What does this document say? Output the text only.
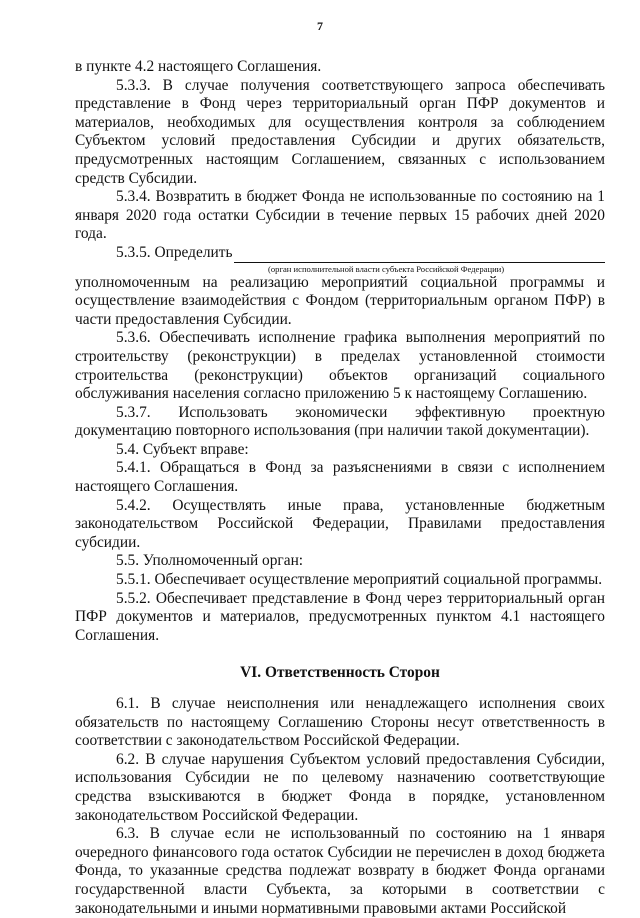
7

в пункте 4.2 настоящего Соглашения.

5.3.3. В случае получения соответствующего запроса обеспечивать представление в Фонд через территориальный орган ПФР документов и материалов, необходимых для осуществления контроля за соблюдением Субъектом условий предоставления Субсидии и других обязательств, предусмотренных настоящим Соглашением, связанных с использованием средств Субсидии.

5.3.4. Возвратить в бюджет Фонда не использованные по состоянию на 1 января 2020 года остатки Субсидии в течение первых 15 рабочих дней 2020 года.

5.3.5. Определить
(орган исполнительной власти субъекта Российской Федерации)

уполномоченным на реализацию мероприятий социальной программы и осуществление взаимодействия с Фондом (территориальным органом ПФР) в части предоставления Субсидии.

5.3.6. Обеспечивать исполнение графика выполнения мероприятий по строительству (реконструкции) в пределах установленной стоимости строительства (реконструкции) объектов организаций социального обслуживания населения согласно приложению 5 к настоящему Соглашению.

5.3.7. Использовать экономически эффективную проектную документацию повторного использования (при наличии такой документации).

5.4. Субъект вправе:

5.4.1. Обращаться в Фонд за разъяснениями в связи с исполнением настоящего Соглашения.

5.4.2. Осуществлять иные права, установленные бюджетным законодательством Российской Федерации, Правилами предоставления субсидии.

5.5. Уполномоченный орган:

5.5.1. Обеспечивает осуществление мероприятий социальной программы.

5.5.2. Обеспечивает представление в Фонд через территориальный орган ПФР документов и материалов, предусмотренных пунктом 4.1 настоящего Соглашения.

VI. Ответственность Сторон

6.1. В случае неисполнения или ненадлежащего исполнения своих обязательств по настоящему Соглашению Стороны несут ответственность в соответствии с законодательством Российской Федерации.

6.2. В случае нарушения Субъектом условий предоставления Субсидии, использования Субсидии не по целевому назначению соответствующие средства взыскиваются в бюджет Фонда в порядке, установленном законодательством Российской Федерации.

6.3. В случае если не использованный по состоянию на 1 января очередного финансового года остаток Субсидии не перечислен в доход бюджета Фонда, то указанные средства подлежат возврату в бюджет Фонда органами государственной власти Субъекта, за которыми в соответствии с законодательными и иными нормативными правовыми актами Российской
